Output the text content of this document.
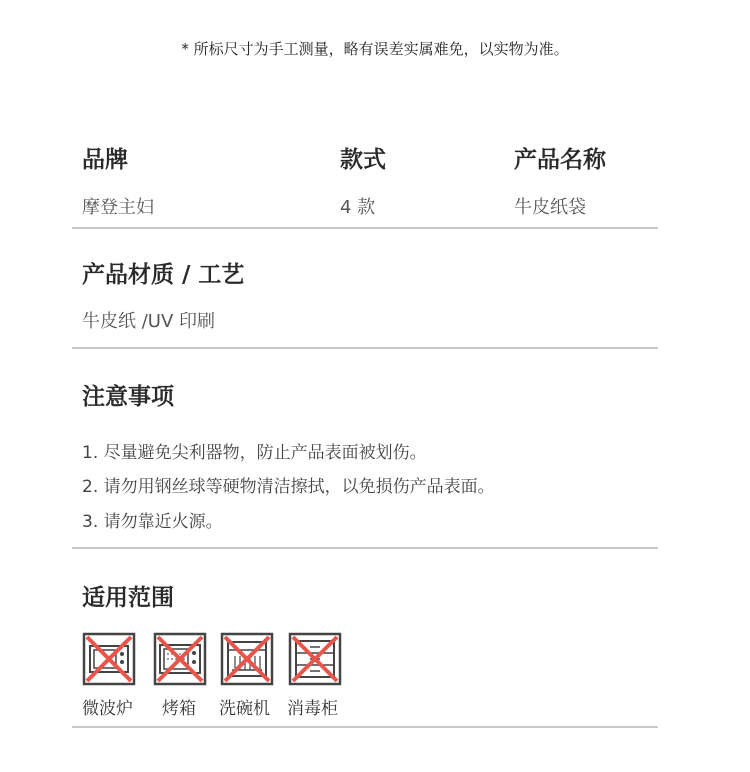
* 所标尺寸为手工测量，略有误差实属难免，以实物为准。
品牌
摩登主妇
款式
4 款
产品名称
牛皮纸袋
产品材质 / 工艺
牛皮纸 /UV 印刷
注意事项
1. 尽量避免尖利器物，防止产品表面被划伤。
2. 请勿用钢丝球等硬物清洁擦拭，以免损伤产品表面。
3. 请勿靠近火源。
适用范围
微波炉 烤箱 洗碗机 消毒柜
